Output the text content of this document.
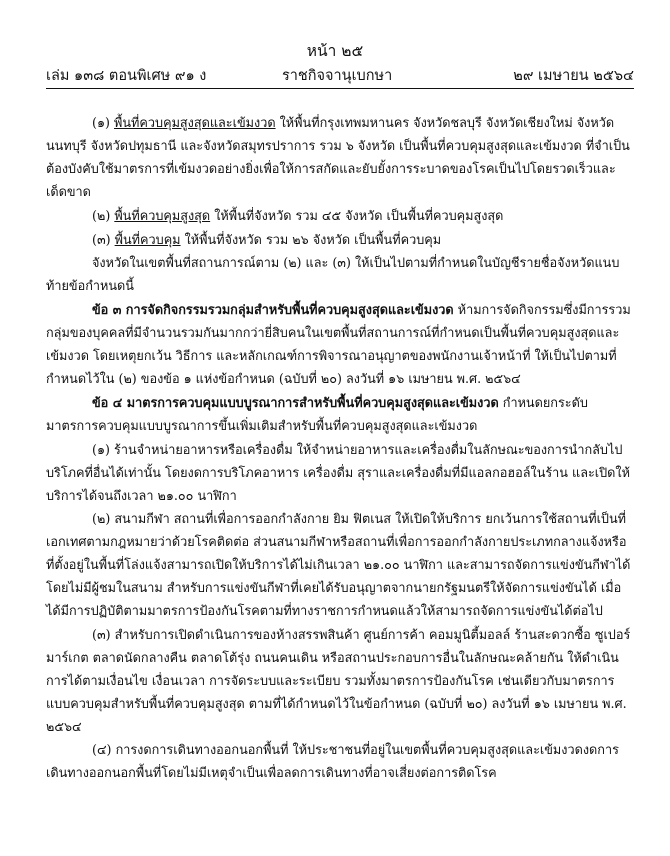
หน้า ๒๕
เล่ม ๑๓๘ ตอนพิเศษ ๙๑ ง	ราชกิจจานุเบกษา	๒๙ เมษายน ๒๕๖๔

(๑) พื้นที่ควบคุมสูงสุดและเข้มงวด ให้พื้นที่กรุงเทพมหานคร จังหวัดชลบุรี จังหวัดเชียงใหม่ จังหวัดนนทบุรี จังหวัดปทุมธานี และจังหวัดสมุทรปราการ รวม ๖ จังหวัด เป็นพื้นที่ควบคุมสูงสุดและเข้มงวด ที่จำเป็นต้องบังคับใช้มาตรการที่เข้มงวดอย่างยิ่งเพื่อให้การสกัดและยับยั้งการระบาดของโรคเป็นไปโดยรวดเร็วและเด็ดขาด

(๒) พื้นที่ควบคุมสูงสุด ให้พื้นที่จังหวัด รวม ๔๕ จังหวัด เป็นพื้นที่ควบคุมสูงสุด

(๓) พื้นที่ควบคุม ให้พื้นที่จังหวัด รวม ๒๖ จังหวัด เป็นพื้นที่ควบคุม

จังหวัดในเขตพื้นที่สถานการณ์ตาม (๒) และ (๓) ให้เป็นไปตามที่กำหนดในบัญชีรายชื่อจังหวัดแนบท้ายข้อกำหนดนี้

ข้อ ๓ การจัดกิจกรรมรวมกลุ่มสำหรับพื้นที่ควบคุมสูงสุดและเข้มงวด ห้ามการจัดกิจกรรมซึ่งมีการรวมกลุ่มของบุคคลที่มีจำนวนรวมกันมากกว่ายี่สิบคนในเขตพื้นที่สถานการณ์ที่กำหนดเป็นพื้นที่ควบคุมสูงสุดและเข้มงวด โดยเหตุยกเว้น วิธีการ และหลักเกณฑ์การพิจารณาอนุญาตของพนักงานเจ้าหน้าที่ ให้เป็นไปตามที่กำหนดไว้ใน (๒) ของข้อ ๑ แห่งข้อกำหนด (ฉบับที่ ๒๐) ลงวันที่ ๑๖ เมษายน พ.ศ. ๒๕๖๔

ข้อ ๔ มาตรการควบคุมแบบบูรณาการสำหรับพื้นที่ควบคุมสูงสุดและเข้มงวด กำหนดยกระดับมาตรการควบคุมแบบบูรณาการขึ้นเพิ่มเติมสำหรับพื้นที่ควบคุมสูงสุดและเข้มงวด

(๑) ร้านจำหน่ายอาหารหรือเครื่องดื่ม ให้จำหน่ายอาหารและเครื่องดื่มในลักษณะของการนำกลับไปบริโภคที่อื่นได้เท่านั้น โดยงดการบริโภคอาหาร เครื่องดื่ม สุราและเครื่องดื่มที่มีแอลกอฮอล์ในร้าน และเปิดให้บริการได้จนถึงเวลา ๒๑.๐๐ นาฬิกา

(๒) สนามกีฬา สถานที่เพื่อการออกกำลังกาย ยิม ฟิตเนส ให้เปิดให้บริการ ยกเว้นการใช้สถานที่เป็นที่เอกเทศตามกฎหมายว่าด้วยโรคติดต่อ ส่วนสนามกีฬาหรือสถานที่เพื่อการออกกำลังกายประเภทกลางแจ้งหรือที่ตั้งอยู่ในพื้นที่โล่งแจ้งสามารถเปิดให้บริการได้ไม่เกินเวลา ๒๑.๐๐ นาฬิกา และสามารถจัดการแข่งขันกีฬาได้โดยไม่มีผู้ชมในสนาม สำหรับการแข่งขันกีฬาที่เคยได้รับอนุญาตจากนายกรัฐมนตรีให้จัดการแข่งขันได้ เมื่อได้มีการปฏิบัติตามมาตรการป้องกันโรคตามที่ทางราชการกำหนดแล้วให้สามารถจัดการแข่งขันได้ต่อไป

(๓) สำหรับการเปิดดำเนินการของห้างสรรพสินค้า ศูนย์การค้า คอมมูนิตี้มอลล์ ร้านสะดวกซื้อ ซูเปอร์มาร์เกต ตลาดนัดกลางคืน ตลาดโต้รุ่ง ถนนคนเดิน หรือสถานประกอบการอื่นในลักษณะคล้ายกัน ให้ดำเนินการได้ตามเงื่อนไข เงื่อนเวลา การจัดระบบและระเบียบ รวมทั้งมาตรการป้องกันโรค เช่นเดียวกับมาตรการแบบควบคุมสำหรับพื้นที่ควบคุมสูงสุด ตามที่ได้กำหนดไว้ในข้อกำหนด (ฉบับที่ ๒๐) ลงวันที่ ๑๖ เมษายน พ.ศ. ๒๕๖๔

(๔) การงดการเดินทางออกนอกพื้นที่ ให้ประชาชนที่อยู่ในเขตพื้นที่ควบคุมสูงสุดและเข้มงวดงดการเดินทางออกนอกพื้นที่โดยไม่มีเหตุจำเป็นเพื่อลดการเดินทางที่อาจเสี่ยงต่อการติดโรค
